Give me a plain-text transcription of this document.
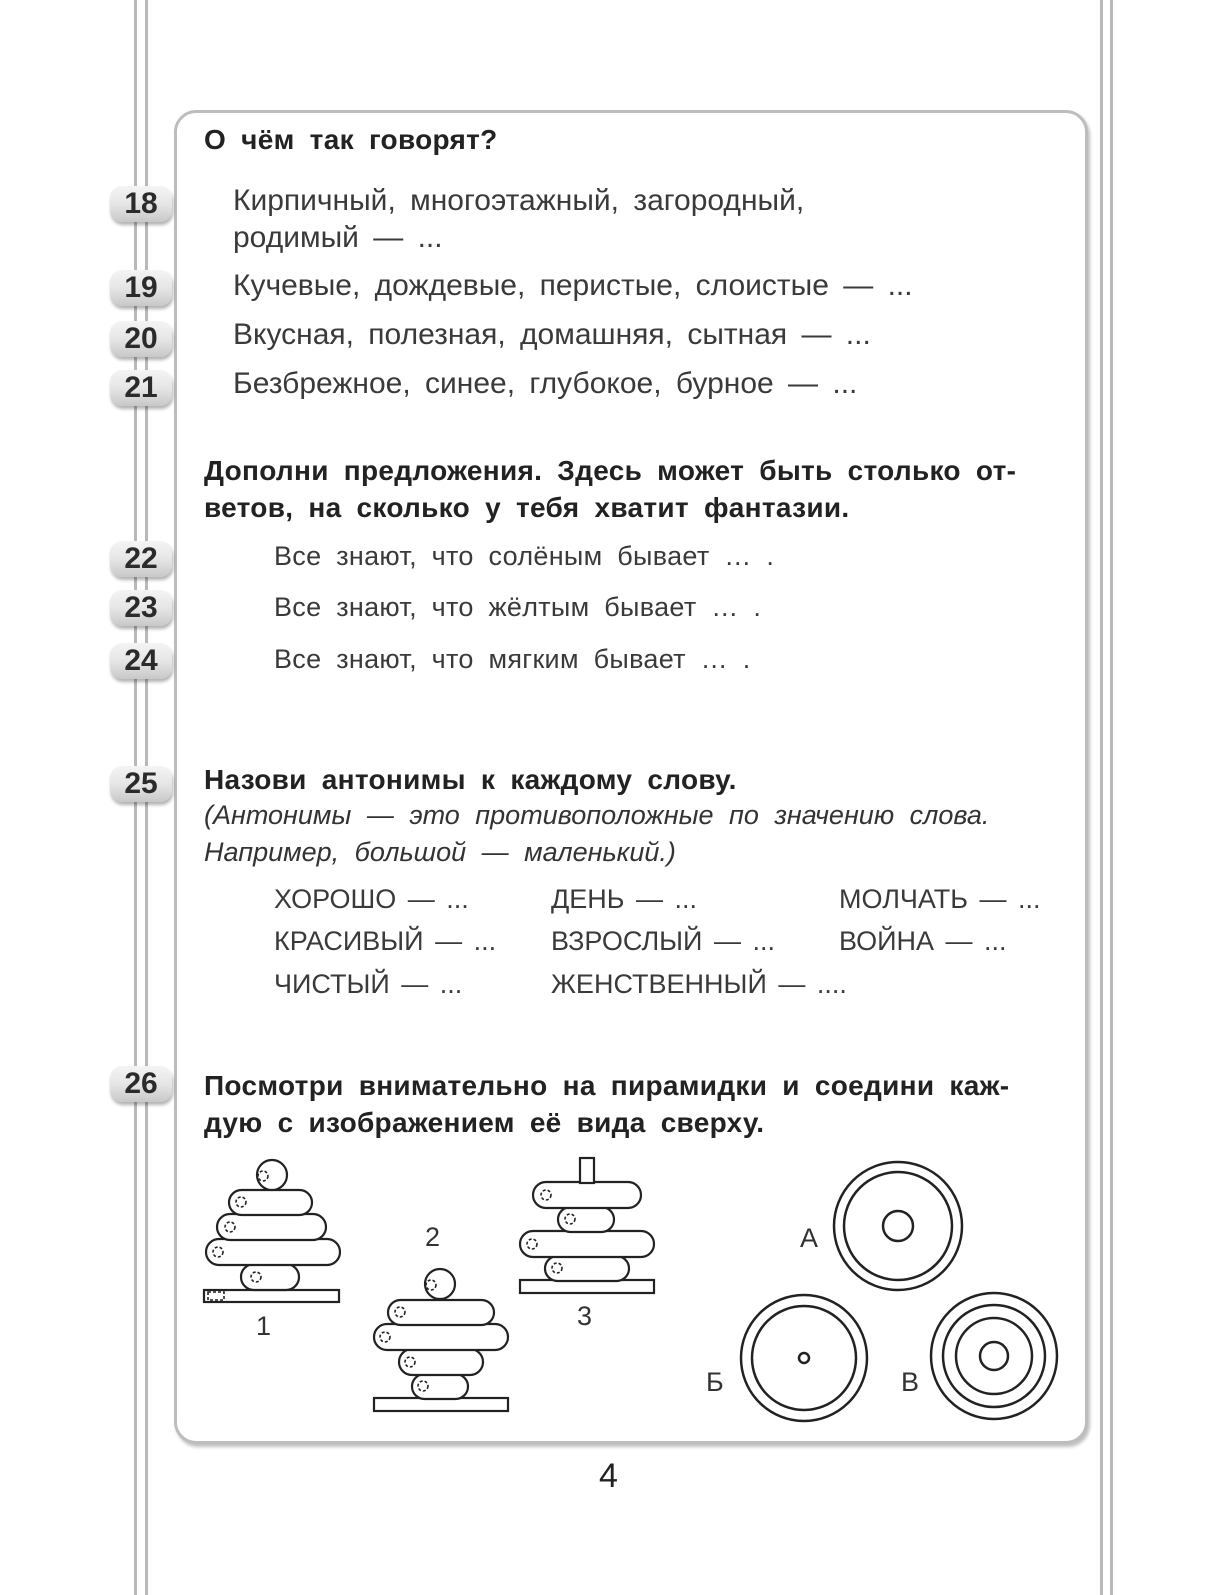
О чём так говорят?
18	Кирпичный, многоэтажный, загородный,
родимый — ...
19	Кучевые, дождевые, перистые, слоистые — ...
20	Вкусная, полезная, домашняя, сытная — ...
21	Безбрежное, синее, глубокое, бурное — ...
Дополни предложения. Здесь может быть столько от-
ветов, на сколько у тебя хватит фантазии.
22	Все знают, что солёным бывает … .
23	Все знают, что жёлтым бывает … .
24	Все знают, что мягким бывает … .
25	Назови антонимы к каждому слову.
(Антонимы — это противоположные по значению слова.
Например, большой — маленький.)
ХОРОШО — ...	ДЕНЬ — ...	МОЛЧАТЬ — ...
КРАСИВЫЙ — ... ВЗРОСЛЫЙ — ... ВОЙНА — ...
ЧИСТЫЙ — ...	ЖЕНСТВЕННЫЙ — ....
26	Посмотри внимательно на пирамидки и соедини каж-
дую с изображением её вида сверху.
1
2
3
А
Б	В
4
